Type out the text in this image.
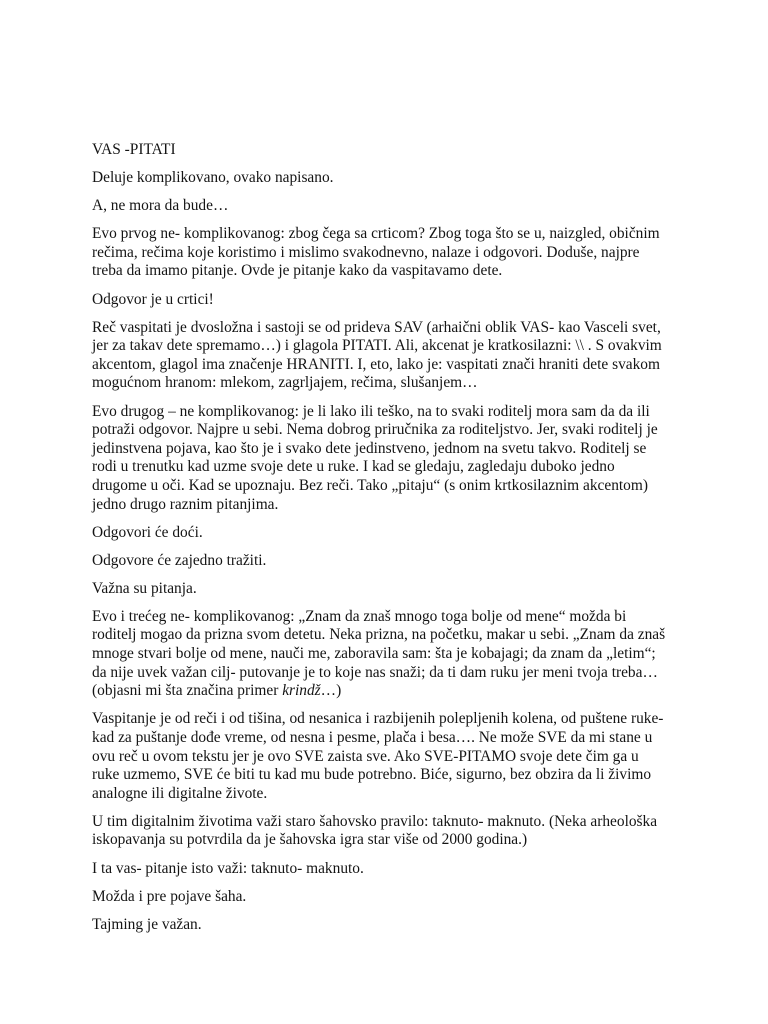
VAS -PITATI

Deluje komplikovano, ovako napisano.

A, ne mora da bude…

Evo prvog ne- komplikovanog: zbog čega sa crticom? Zbog toga što se u, naizgled, običnim
rečima, rečima koje koristimo i mislimo svakodnevno, nalaze i odgovori. Doduše, najpre
treba da imamo pitanje. Ovde je pitanje kako da vaspitavamo dete.

Odgovor je u crtici!

Reč vaspitati je dvosložna i sastoji se od prideva SAV (arhaični oblik VAS- kao Vasceli svet,
jer za takav dete spremamo…) i glagola PITATI. Ali, akcenat je kratkosilazni: \\ . S ovakvim
akcentom, glagol ima značenje HRANITI. I, eto, lako je: vaspitati znači hraniti dete svakom
mogućnom hranom: mlekom, zagrljajem, rečima, slušanjem…

Evo drugog – ne komplikovanog: je li lako ili teško, na to svaki roditelj mora sam da da ili
potraži odgovor. Najpre u sebi. Nema dobrog priručnika za roditeljstvo. Jer, svaki roditelj je
jedinstvena pojava, kao što je i svako dete jedinstveno, jednom na svetu takvo. Roditelj se
rodi u trenutku kad uzme svoje dete u ruke. I kad se gledaju, zagledaju duboko jedno
drugome u oči. Kad se upoznaju. Bez reči. Tako „pitaju“ (s onim krtkosilaznim akcentom)
jedno drugo raznim pitanjima.

Odgovori će doći.

Odgovore će zajedno tražiti.

Važna su pitanja.

Evo i trećeg ne- komplikovanog: „Znam da znaš mnogo toga bolje od mene“ možda bi
roditelj mogao da prizna svom detetu. Neka prizna, na početku, makar u sebi. „Znam da znaš
mnoge stvari bolje od mene, nauči me, zaboravila sam: šta je kobajagi; da znam da „letim“;
da nije uvek važan cilj- putovanje je to koje nas snaži; da ti dam ruku jer meni tvoja treba…
(objasni mi šta značina primer krindž…)

Vaspitanje je od reči i od tišina, od nesanica i razbijenih polepljenih kolena, od puštene ruke-
kad za puštanje dođe vreme, od nesna i pesme, plača i besa…. Ne može SVE da mi stane u
ovu reč u ovom tekstu jer je ovo SVE zaista sve. Ako SVE-PITAMO svoje dete čim ga u
ruke uzmemo, SVE će biti tu kad mu bude potrebno. Biće, sigurno, bez obzira da li živimo
analogne ili digitalne živote.

U tim digitalnim životima važi staro šahovsko pravilo: taknuto- maknuto. (Neka arheološka
iskopavanja su potvrdila da je šahovska igra star više od 2000 godina.)

I ta vas- pitanje isto važi: taknuto- maknuto.

Možda i pre pojave šaha.

Tajming je važan.
